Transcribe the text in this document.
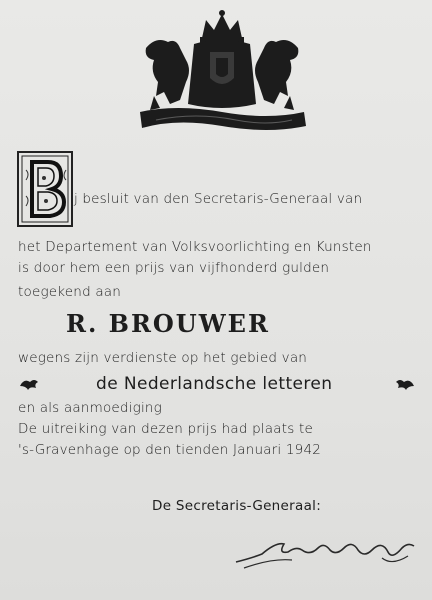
ij besluit van den Secretaris-Generaal van
het Departement van Volksvoorlichting en Kunsten
is door hem een prijs van vijfhonderd gulden
toegekend aan
R. BROUWER
wegens zijn verdienste op het gebied van
de Nederlandsche letteren
en als aanmoediging
De uitreiking van dezen prijs had plaats te
's-Gravenhage op den tienden Januari 1942
De Secretaris-Generaal:
